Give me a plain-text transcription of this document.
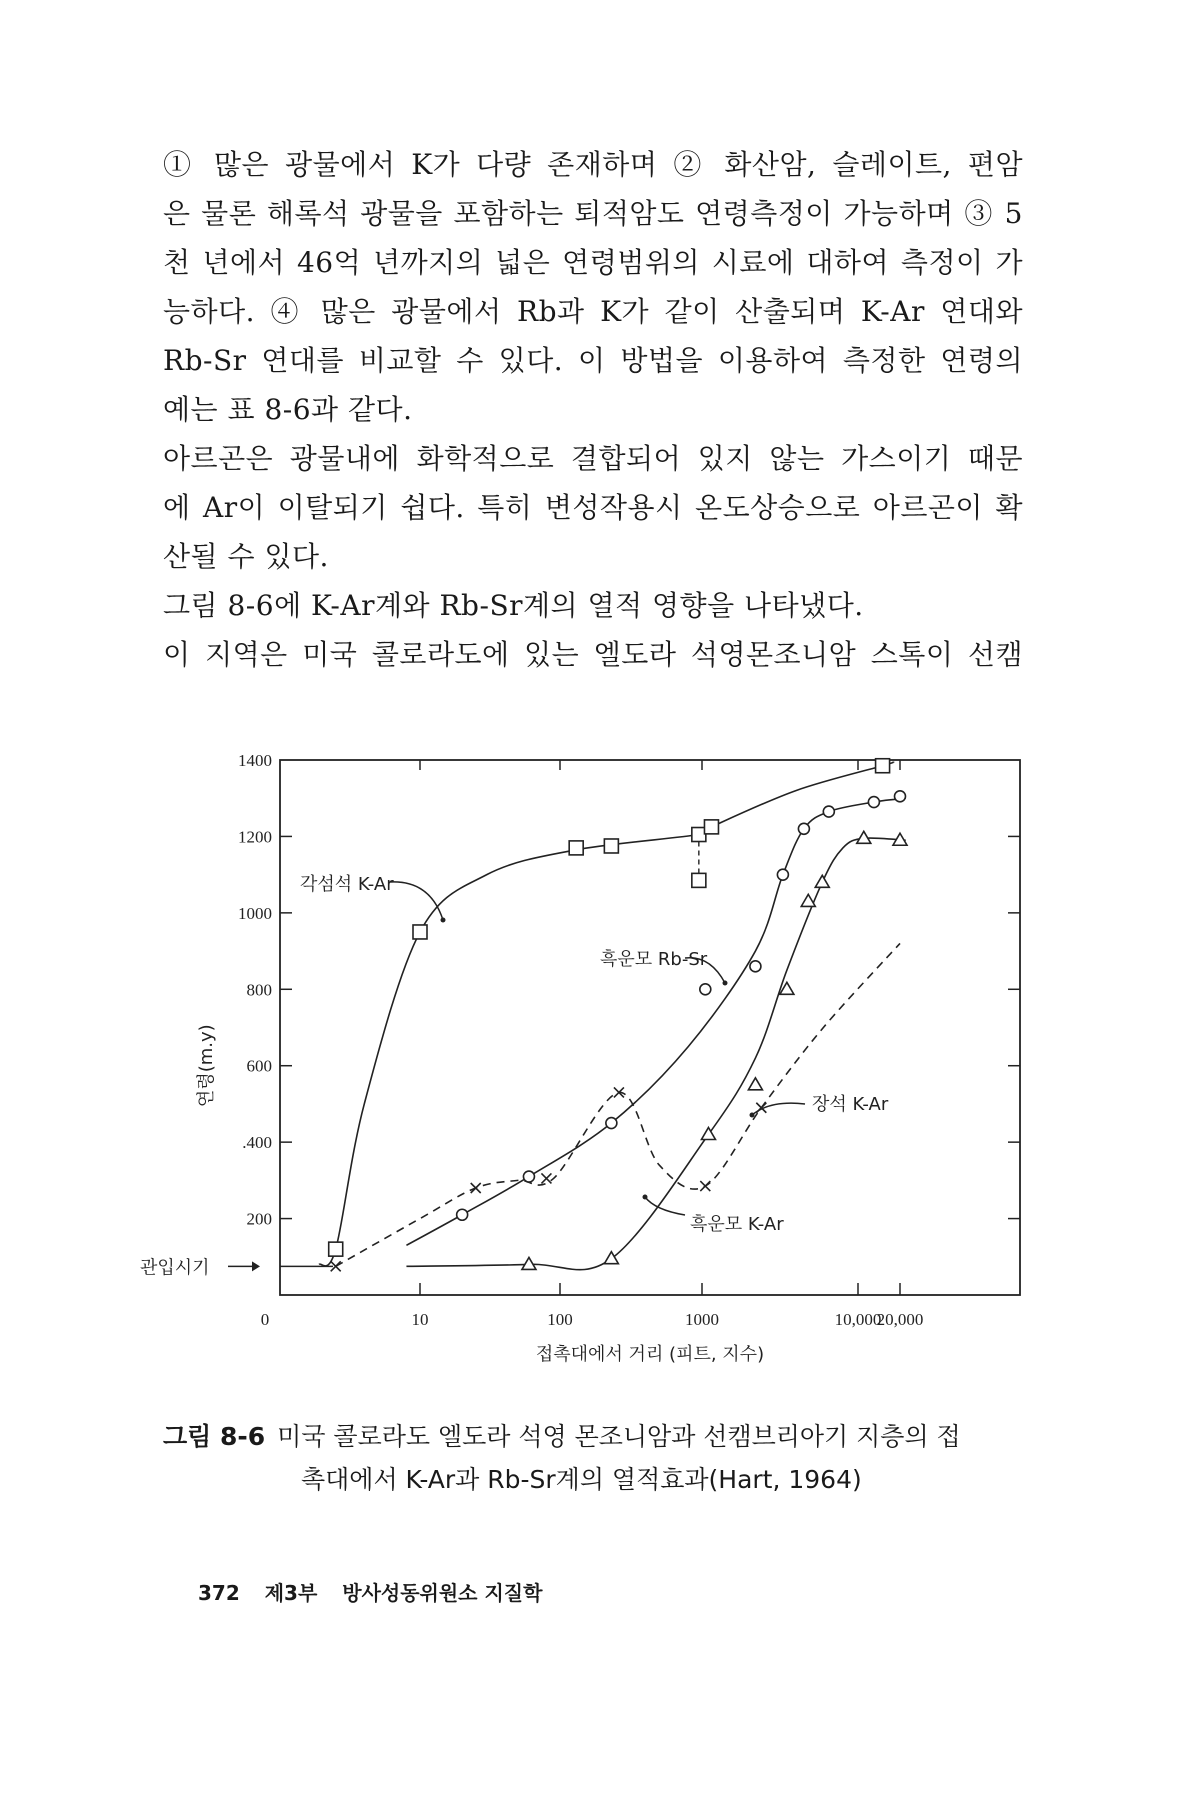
① 많은 광물에서 K가 다량 존재하며 ② 화산암, 슬레이트, 편암
은 물론 해록석 광물을 포함하는 퇴적암도 연령측정이 가능하며 ③ 5
천 년에서 46억 년까지의 넓은 연령범위의 시료에 대하여 측정이 가
능하다. ④ 많은 광물에서 Rb과 K가 같이 산출되며 K-Ar 연대와
Rb-Sr 연대를 비교할 수 있다. 이 방법을 이용하여 측정한 연령의
예는 표 8-6과 같다.
아르곤은 광물내에 화학적으로 결합되어 있지 않는 가스이기 때문
에 Ar이 이탈되기 쉽다. 특히 변성작용시 온도상승으로 아르곤이 확
산될 수 있다.
그림 8-6에 K-Ar계와 Rb-Sr계의 열적 영향을 나타냈다.
이 지역은 미국 콜로라도에 있는 엘도라 석영몬조니암 스톡이 선캠
0
200
.400
600
800
1000
1200
1400
10	100	1000	10,000
20,000
접촉대에서 거리 (피트, 지수)
연령(m.y)
관입시기
각섬석 K-Ar
흑운모 Rb-Sr
장석 K-Ar
흑운모 K-Ar
그림 8-6 미국 콜로라도 엘도라 석영 몬조니암과 선캠브리아기 지층의 접
촉대에서 K-Ar과 Rb-Sr계의 열적효과(Hart, 1964)
372 제3부 방사성동위원소 지질학
